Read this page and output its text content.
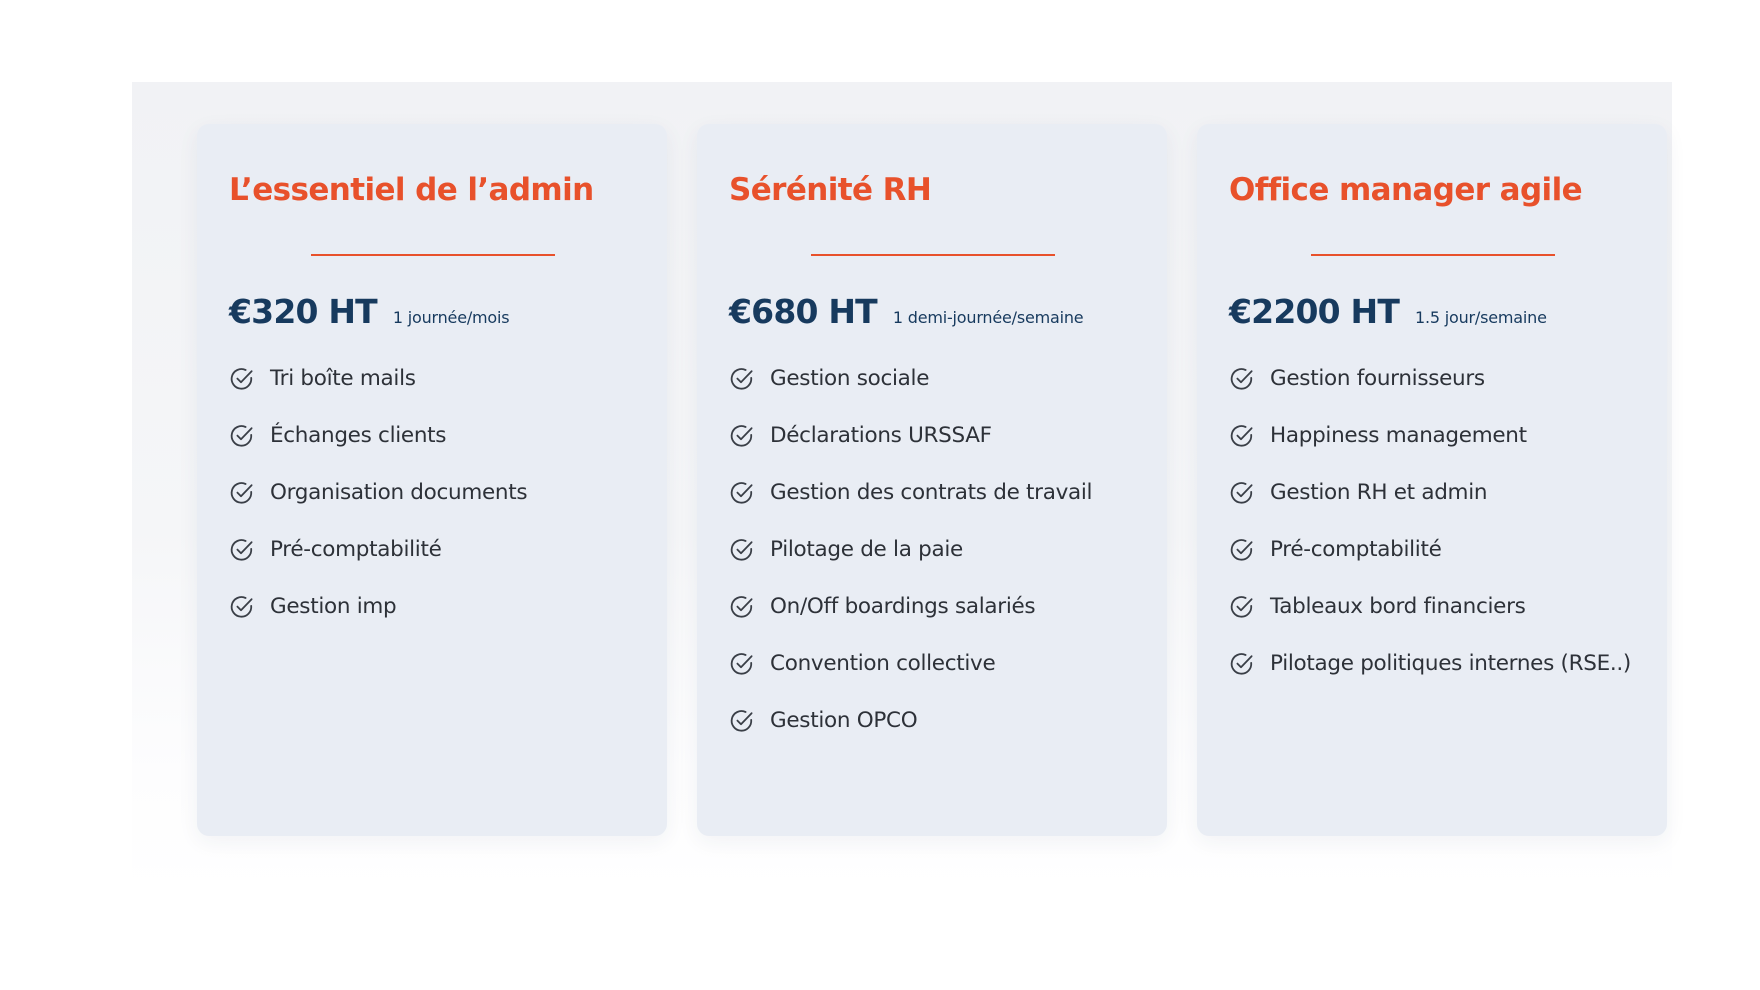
L’essentiel de l’admin
€320 HT 1 journée/mois
Tri boîte mails
Échanges clients
Organisation documents
Pré-comptabilité
Gestion imp
Sérénité RH
€680 HT 1 demi-journée/semaine
Gestion sociale
Déclarations URSSAF
Gestion des contrats de travail
Pilotage de la paie
On/Off boardings salariés
Convention collective
Gestion OPCO
Office manager agile
€2200 HT 1.5 jour/semaine
Gestion fournisseurs
Happiness management
Gestion RH et admin
Pré-comptabilité
Tableaux bord financiers
Pilotage politiques internes (RSE..)
